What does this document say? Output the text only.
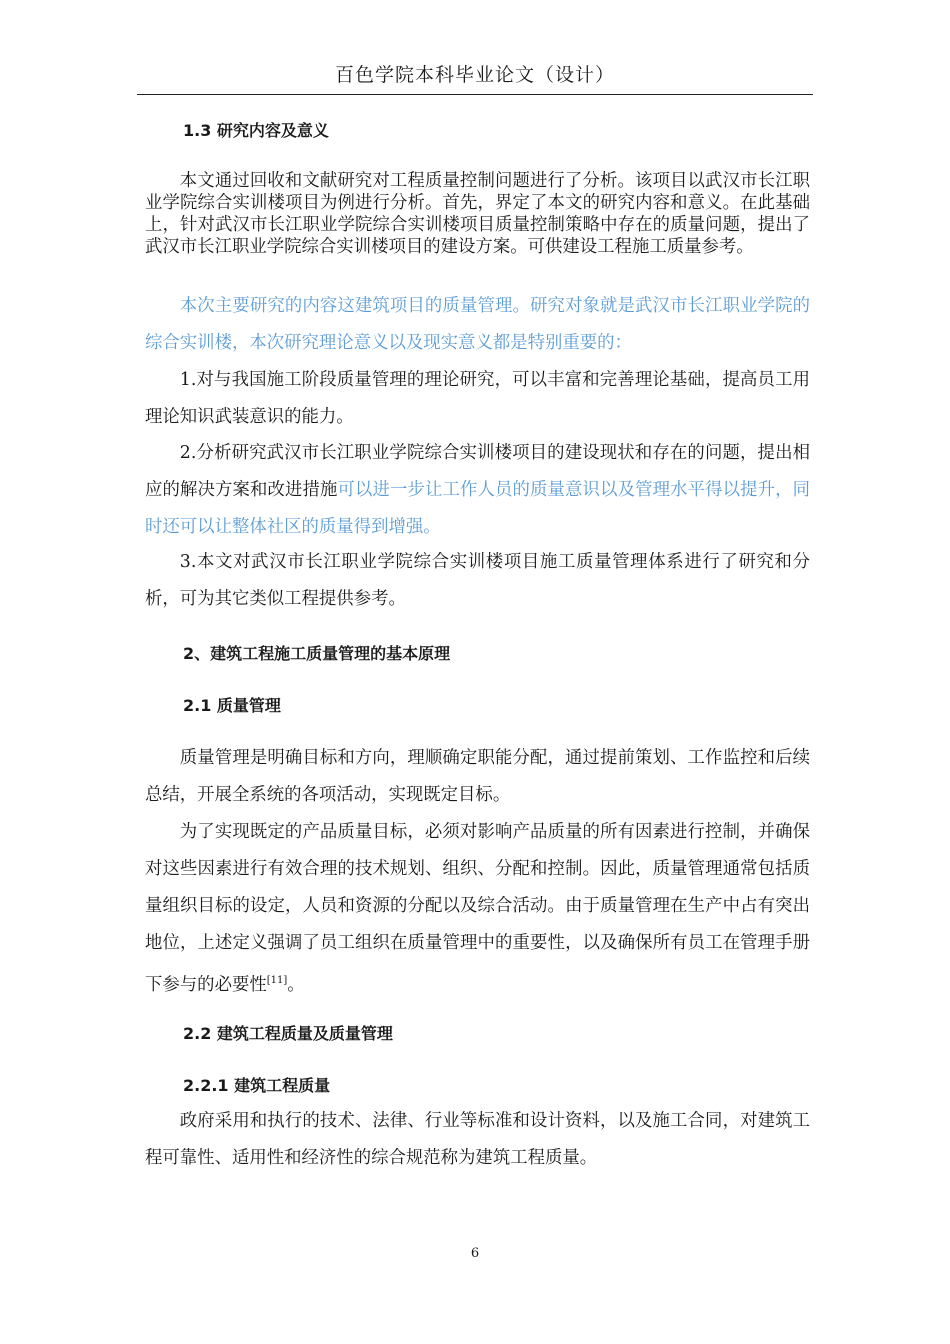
百色学院本科毕业论文（设计）
1.3 研究内容及意义

本文通过回收和文献研究对工程质量控制问题进行了分析。该项目以武汉市长江职业学院综合实训楼项目为例进行分析。首先，界定了本文的研究内容和意义。在此基础上，针对武汉市长江职业学院综合实训楼项目质量控制策略中存在的质量问题，提出了武汉市长江职业学院综合实训楼项目的建设方案。可供建设工程施工质量参考。

本次主要研究的内容这建筑项目的质量管理。研究对象就是武汉市长江职业学院的综合实训楼，本次研究理论意义以及现实意义都是特别重要的：

1.对与我国施工阶段质量管理的理论研究，可以丰富和完善理论基础，提高员工用理论知识武装意识的能力。

2.分析研究武汉市长江职业学院综合实训楼项目的建设现状和存在的问题，提出相应的解决方案和改进措施可以进一步让工作人员的质量意识以及管理水平得以提升，同时还可以让整体社区的质量得到增强。

3.本文对武汉市长江职业学院综合实训楼项目施工质量管理体系进行了研究和分析，可为其它类似工程提供参考。

2、建筑工程施工质量管理的基本原理
2.1 质量管理

质量管理是明确目标和方向，理顺确定职能分配，通过提前策划、工作监控和后续总结，开展全系统的各项活动，实现既定目标。

为了实现既定的产品质量目标，必须对影响产品质量的所有因素进行控制，并确保对这些因素进行有效合理的技术规划、组织、分配和控制。因此，质量管理通常包括质量组织目标的设定，人员和资源的分配以及综合活动。由于质量管理在生产中占有突出地位，上述定义强调了员工组织在质量管理中的重要性，以及确保所有员工在管理手册下参与的必要性[11]。

2.2 建筑工程质量及质量管理
2.2.1 建筑工程质量

政府采用和执行的技术、法律、行业等标准和设计资料，以及施工合同，对建筑工程可靠性、适用性和经济性的综合规范称为建筑工程质量。

6
